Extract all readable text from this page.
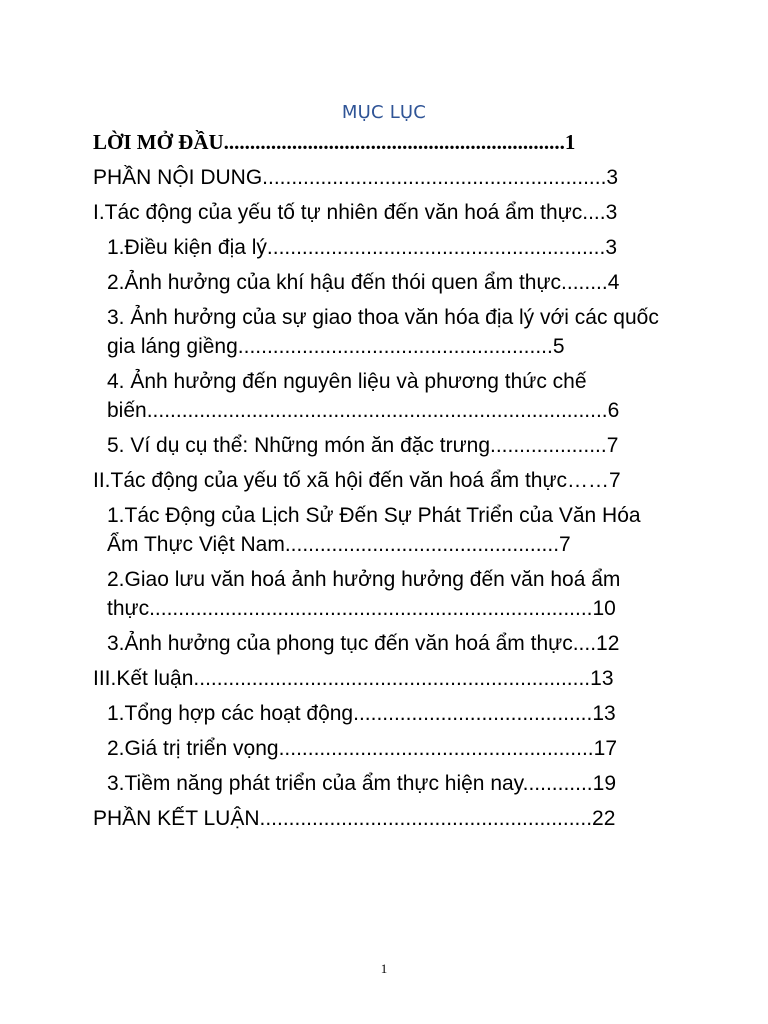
MỤC LỤC
LỜI MỞ ĐẦU.................................................................1
PHẦN NỘI DUNG...........................................................3
I.Tác động của yếu tố tự nhiên đến văn hoá ẩm thực....3
1.Điều kiện địa lý..........................................................3
2.Ảnh hưởng của khí hậu đến thói quen ẩm thực........4
3. Ảnh hưởng của sự giao thoa văn hóa địa lý với các quốc gia láng giềng......................................................5
4. Ảnh hưởng đến nguyên liệu và phương thức chế biến...............................................................................6
5. Ví dụ cụ thể: Những món ăn đặc trưng....................7
II.Tác động của yếu tố xã hội đến văn hoá ẩm thực……7
1.Tác Động của Lịch Sử Đến Sự Phát Triển của Văn Hóa Ẩm Thực Việt Nam...............................................7
2.Giao lưu văn hoá ảnh hưởng hưởng đến văn hoá ẩm thực............................................................................10
3.Ảnh hưởng của phong tục đến văn hoá ẩm thực....12
III.Kết luận....................................................................13
1.Tổng hợp các hoạt động.........................................13
2.Giá trị triển vọng......................................................17
3.Tiềm năng phát triển của ẩm thực hiện nay............19
PHẦN KẾT LUẬN.........................................................22
1
